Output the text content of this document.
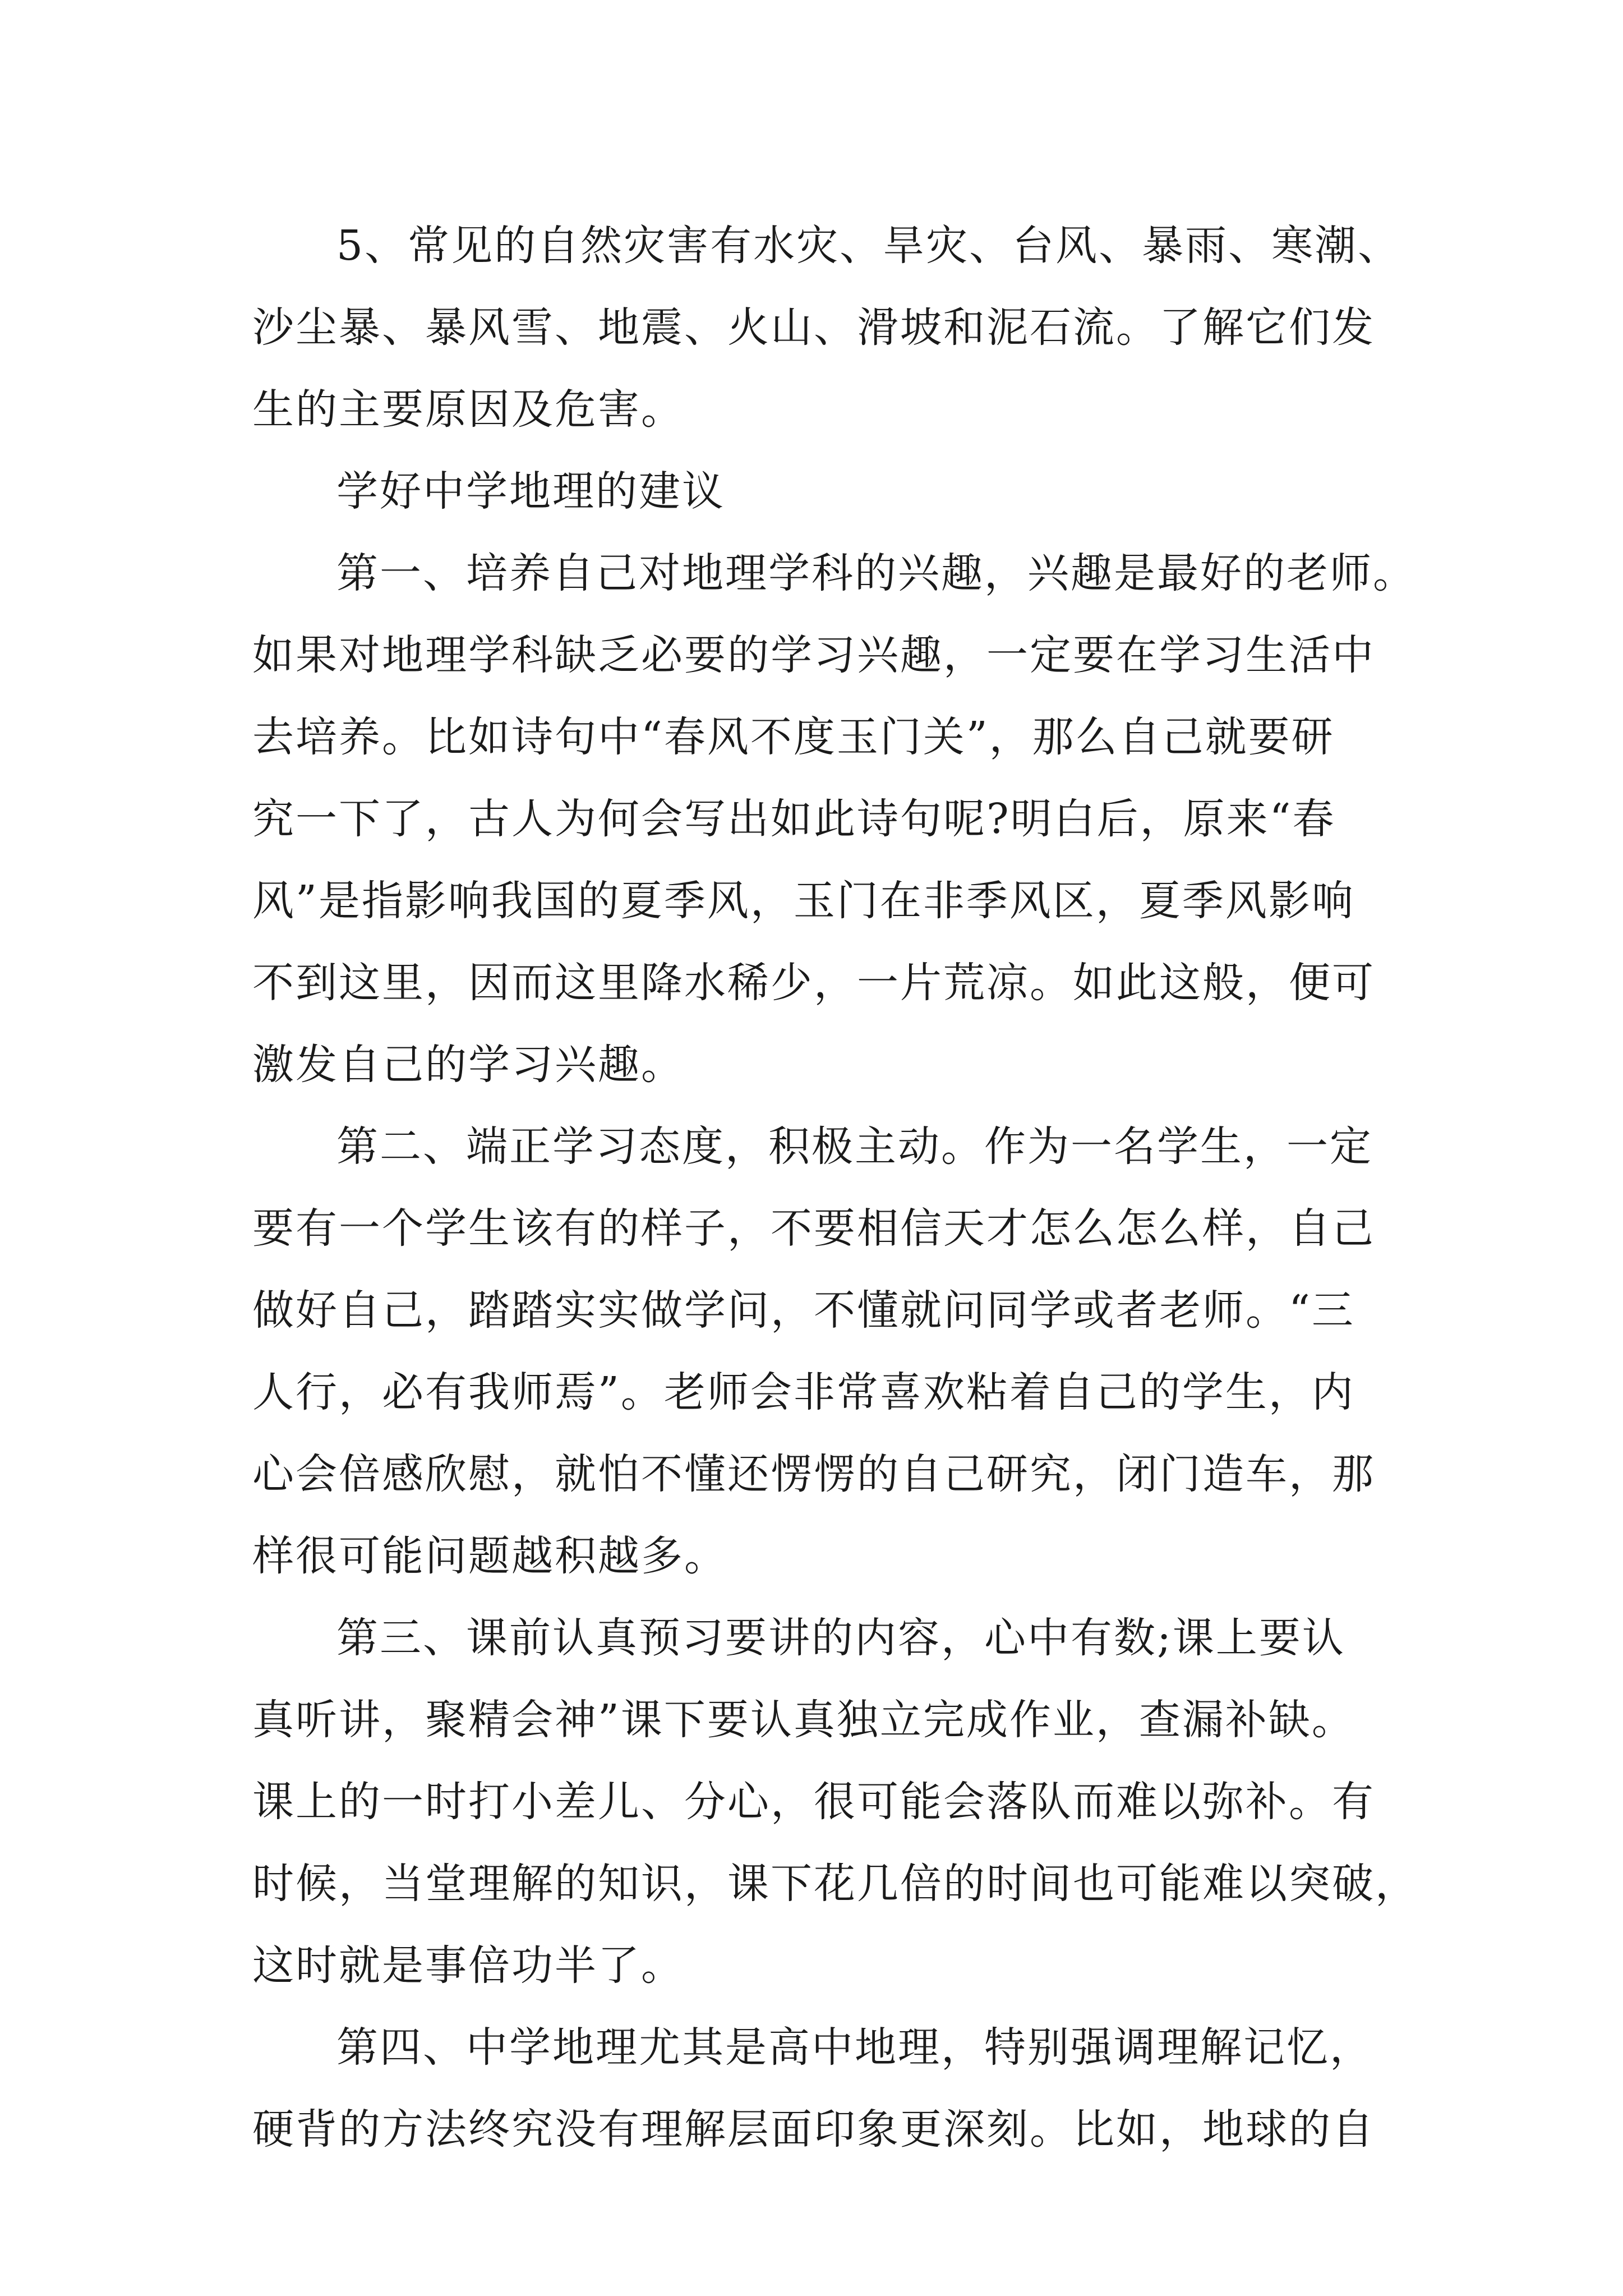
5、常见的自然灾害有水灾、旱灾、台风、暴雨、寒潮、
沙尘暴、暴风雪、地震、火山、滑坡和泥石流。了解它们发
生的主要原因及危害。
学好中学地理的建议
第一、培养自己对地理学科的兴趣，兴趣是最好的老师。
如果对地理学科缺乏必要的学习兴趣，一定要在学习生活中
去培养。比如诗句中“春风不度玉门关”，那么自己就要研
究一下了，古人为何会写出如此诗句呢?明白后，原来“春
风”是指影响我国的夏季风，玉门在非季风区，夏季风影响
不到这里，因而这里降水稀少，一片荒凉。如此这般，便可
激发自己的学习兴趣。
第二、端正学习态度，积极主动。作为一名学生，一定
要有一个学生该有的样子，不要相信天才怎么怎么样，自己
做好自己，踏踏实实做学问，不懂就问同学或者老师。“三
人行，必有我师焉”。老师会非常喜欢粘着自己的学生，内
心会倍感欣慰，就怕不懂还愣愣的自己研究，闭门造车，那
样很可能问题越积越多。
第三、课前认真预习要讲的内容，心中有数;课上要认
真听讲，聚精会神”课下要认真独立完成作业，查漏补缺。
课上的一时打小差儿、分心，很可能会落队而难以弥补。有
时候，当堂理解的知识，课下花几倍的时间也可能难以突破，
这时就是事倍功半了。
第四、中学地理尤其是高中地理，特别强调理解记忆，
硬背的方法终究没有理解层面印象更深刻。比如，地球的自
